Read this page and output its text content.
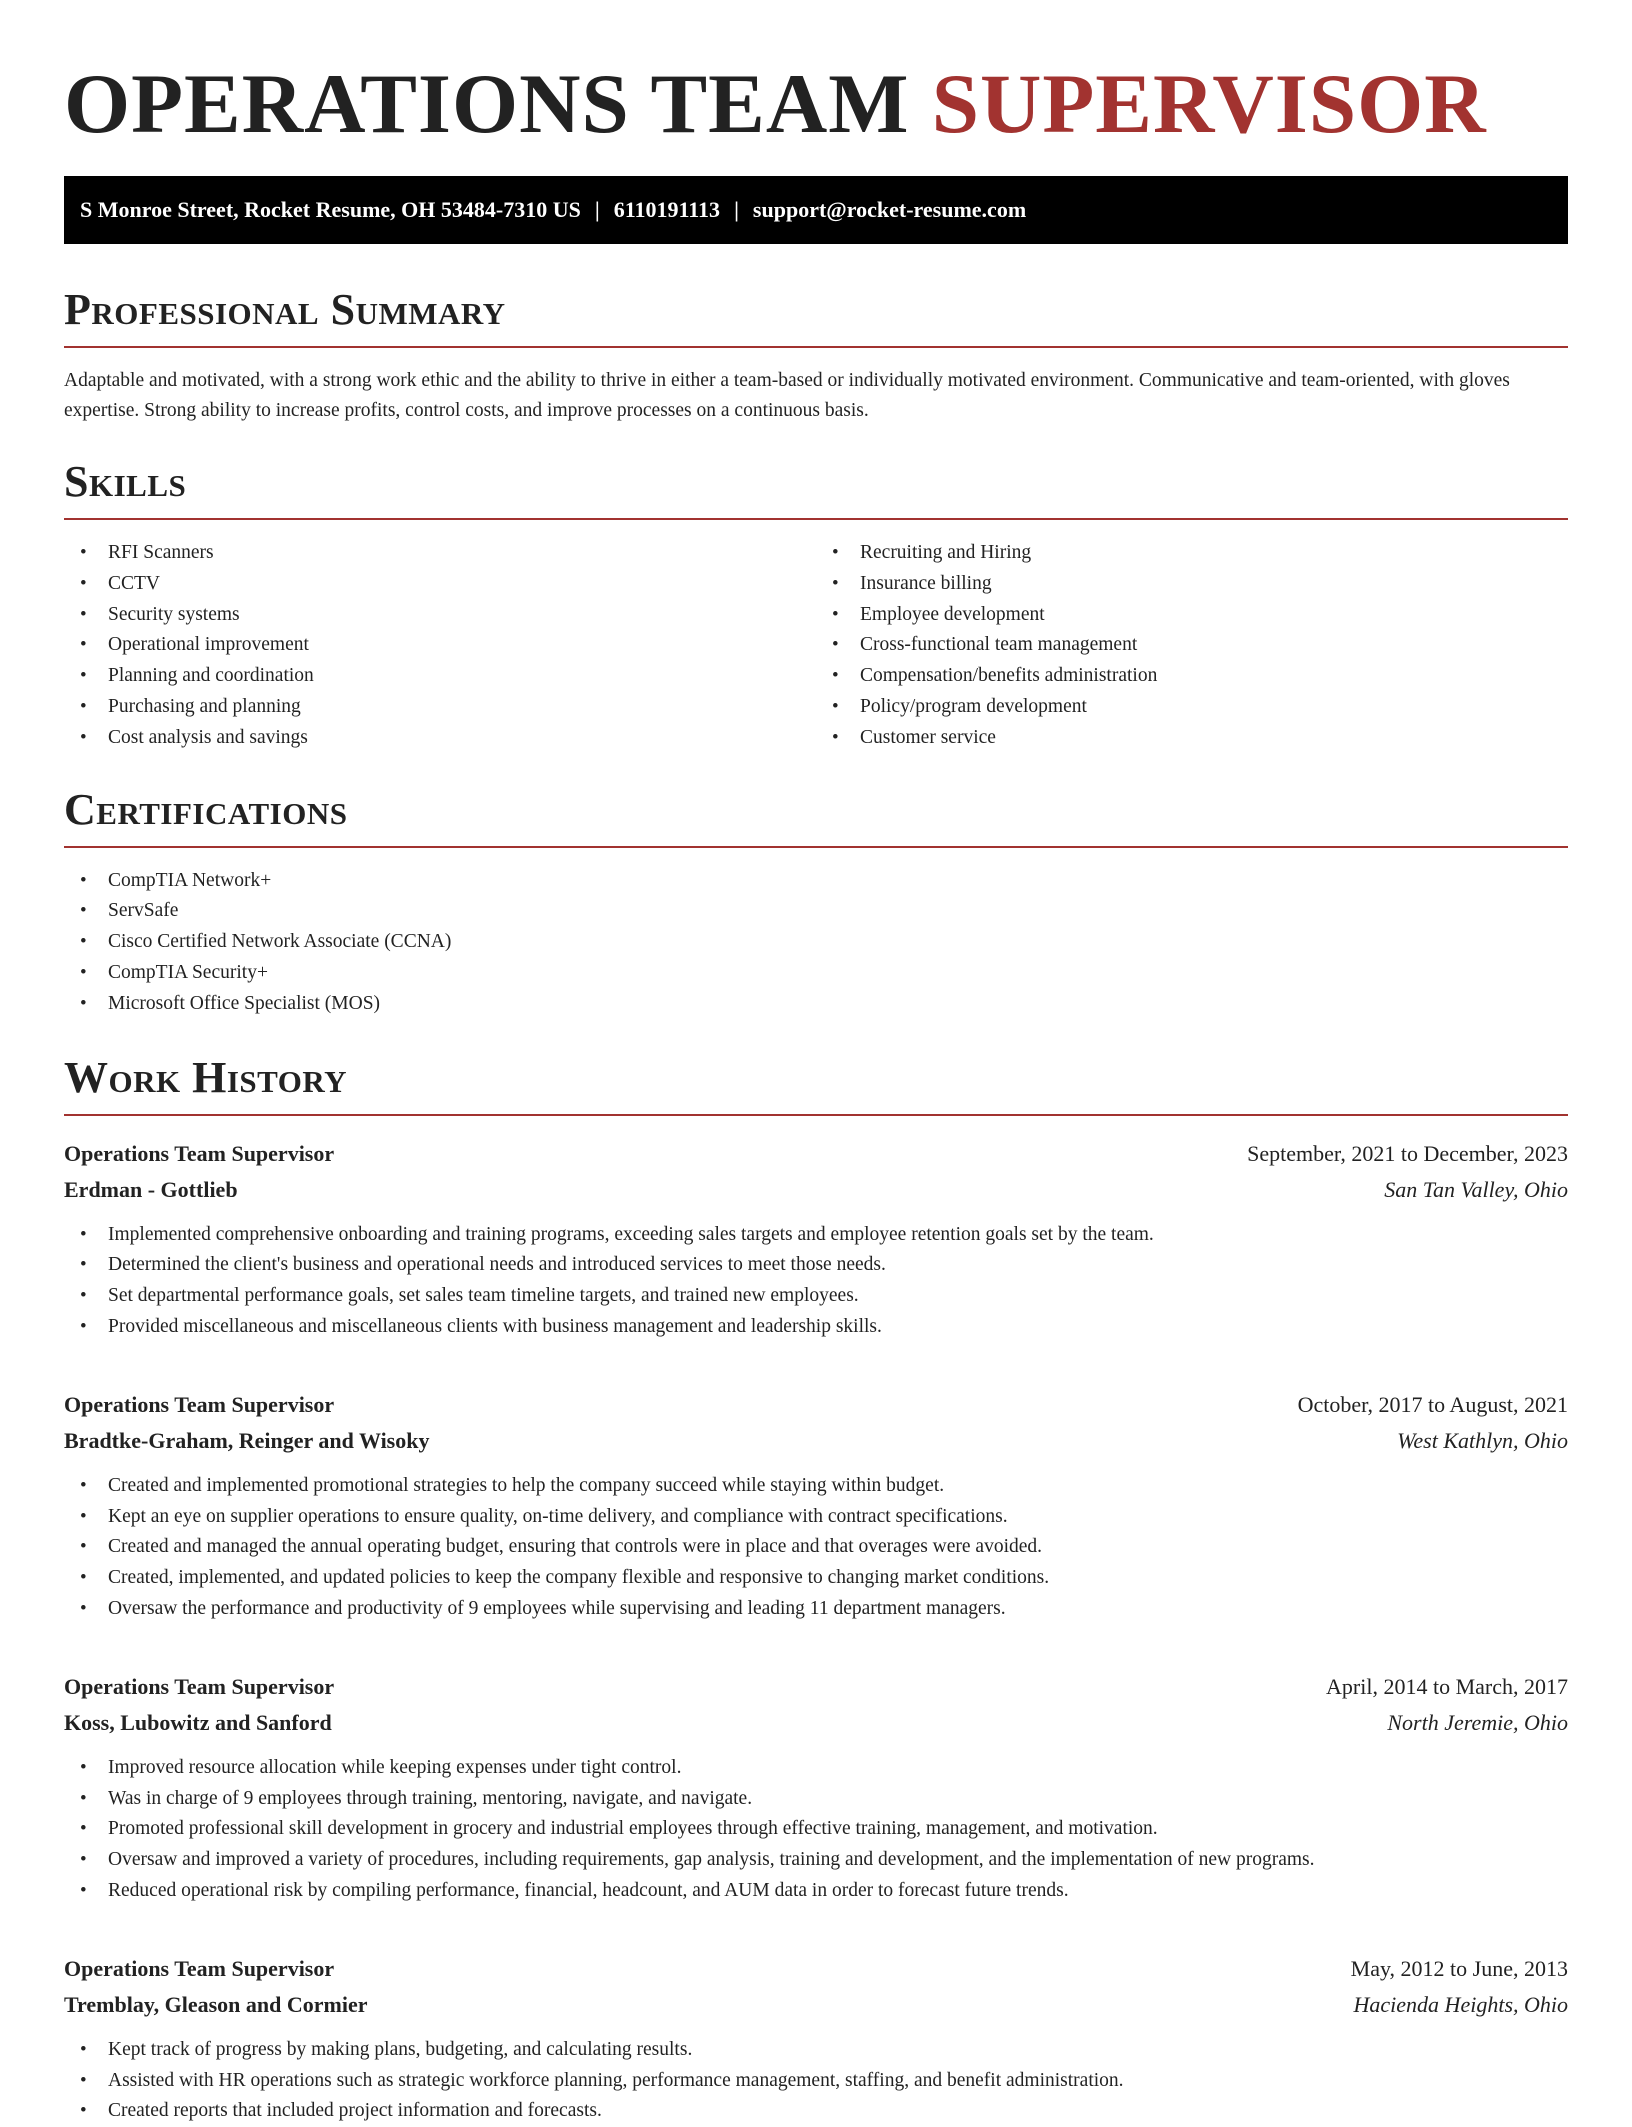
OPERATIONS TEAM SUPERVISOR
S Monroe Street, Rocket Resume, OH 53484-7310 US | 6110191113 | support@rocket-resume.com
Professional Summary

Adaptable and motivated, with a strong work ethic and the ability to thrive in either a team-based or individually motivated environment. Communicative and team-oriented, with gloves expertise. Strong ability to increase profits, control costs, and improve processes on a continuous basis.

Skills
• RFI Scanners
• CCTV
• Security systems
• Operational improvement
• Planning and coordination
• Purchasing and planning
• Cost analysis and savings
• Recruiting and Hiring
• Insurance billing
• Employee development
• Cross-functional team management
• Compensation/benefits administration
• Policy/program development
• Customer service
Certifications
• CompTIA Network+
• ServSafe
• Cisco Certified Network Associate (CCNA)
• CompTIA Security+
• Microsoft Office Specialist (MOS)
Work History
Operations Team Supervisor	September, 2021 to December, 2023
Erdman - Gottlieb	San Tan Valley, Ohio
• Implemented comprehensive onboarding and training programs, exceeding sales targets and employee retention goals set by the team.
• Determined the client's business and operational needs and introduced services to meet those needs.
• Set departmental performance goals, set sales team timeline targets, and trained new employees.
• Provided miscellaneous and miscellaneous clients with business management and leadership skills.
Operations Team Supervisor	October, 2017 to August, 2021
Bradtke-Graham, Reinger and Wisoky	West Kathlyn, Ohio
• Created and implemented promotional strategies to help the company succeed while staying within budget.
• Kept an eye on supplier operations to ensure quality, on-time delivery, and compliance with contract specifications.
• Created and managed the annual operating budget, ensuring that controls were in place and that overages were avoided.
• Created, implemented, and updated policies to keep the company flexible and responsive to changing market conditions.
• Oversaw the performance and productivity of 9 employees while supervising and leading 11 department managers.
Operations Team Supervisor	April, 2014 to March, 2017
Koss, Lubowitz and Sanford	North Jeremie, Ohio
• Improved resource allocation while keeping expenses under tight control.
• Was in charge of 9 employees through training, mentoring, navigate, and navigate.
• Promoted professional skill development in grocery and industrial employees through effective training, management, and motivation.
• Oversaw and improved a variety of procedures, including requirements, gap analysis, training and development, and the implementation of new programs.
• Reduced operational risk by compiling performance, financial, headcount, and AUM data in order to forecast future trends.
Operations Team Supervisor	May, 2012 to June, 2013
Tremblay, Gleason and Cormier	Hacienda Heights, Ohio
• Kept track of progress by making plans, budgeting, and calculating results.
• Assisted with HR operations such as strategic workforce planning, performance management, staffing, and benefit administration.
• Created reports that included project information and forecasts.
